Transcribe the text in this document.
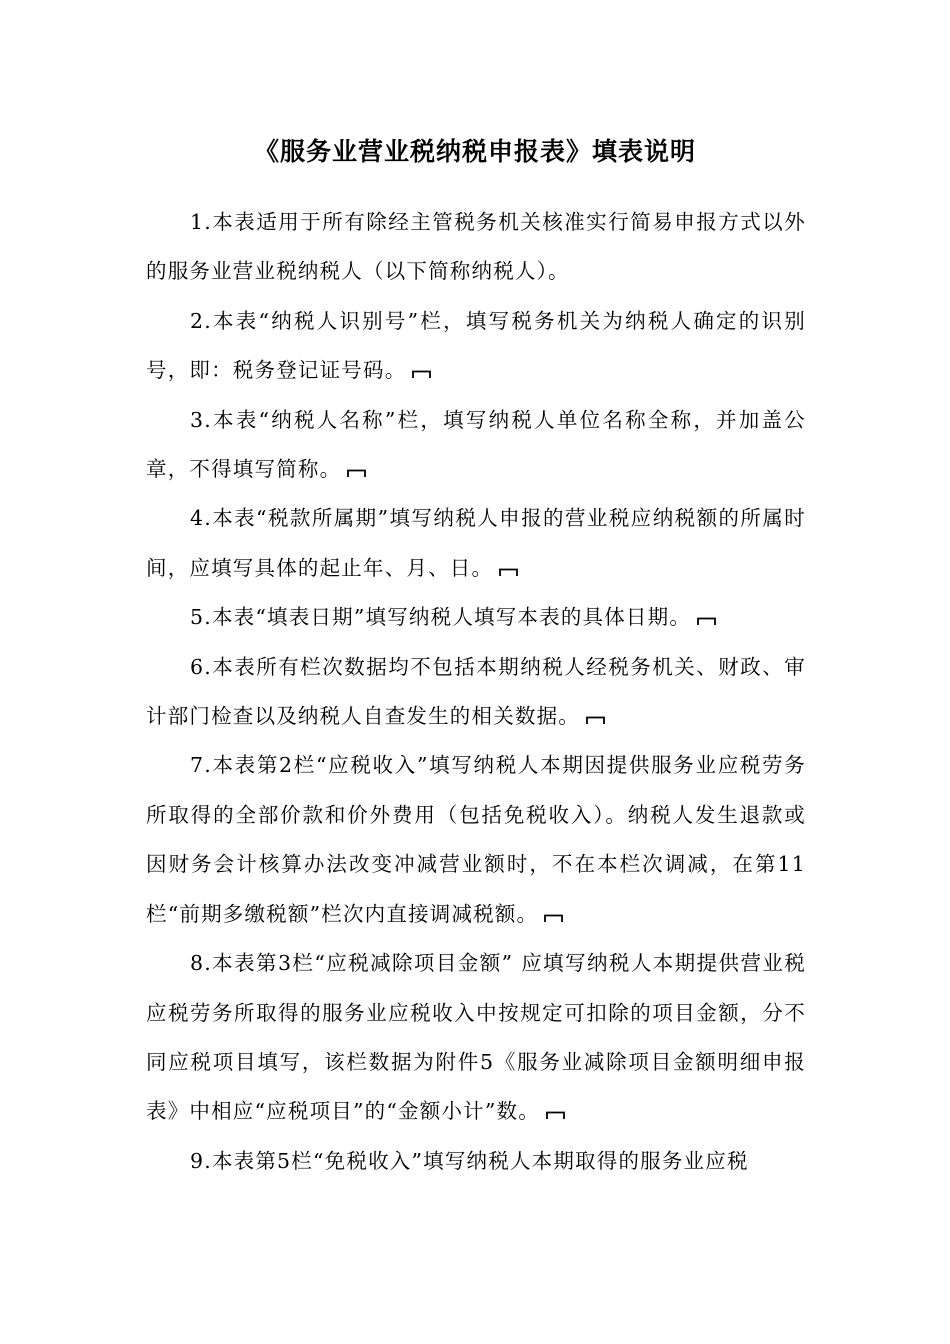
《服务业营业税纳税申报表》填表说明

1.本表适用于所有除经主管税务机关核准实行简易申报方式以外的服务业营业税纳税人（以下简称纳税人）。

2.本表“纳税人识别号”栏，填写税务机关为纳税人确定的识别号，即：税务登记证号码。

3.本表“纳税人名称”栏，填写纳税人单位名称全称，并加盖公章，不得填写简称。

4.本表“税款所属期”填写纳税人申报的营业税应纳税额的所属时间，应填写具体的起止年、月、日。

5.本表“填表日期”填写纳税人填写本表的具体日期。

6.本表所有栏次数据均不包括本期纳税人经税务机关、财政、审计部门检查以及纳税人自查发生的相关数据。

7.本表第2栏“应税收入”填写纳税人本期因提供服务业应税劳务所取得的全部价款和价外费用（包括免税收入）。纳税人发生退款或因财务会计核算办法改变冲减营业额时，不在本栏次调减，在第11栏“前期多缴税额”栏次内直接调减税额。

8.本表第3栏“应税减除项目金额” 应填写纳税人本期提供营业税应税劳务所取得的服务业应税收入中按规定可扣除的项目金额，分不同应税项目填写，该栏数据为附件5《服务业减除项目金额明细申报表》中相应“应税项目”的“金额小计”数。

9.本表第5栏“免税收入”填写纳税人本期取得的服务业应税
